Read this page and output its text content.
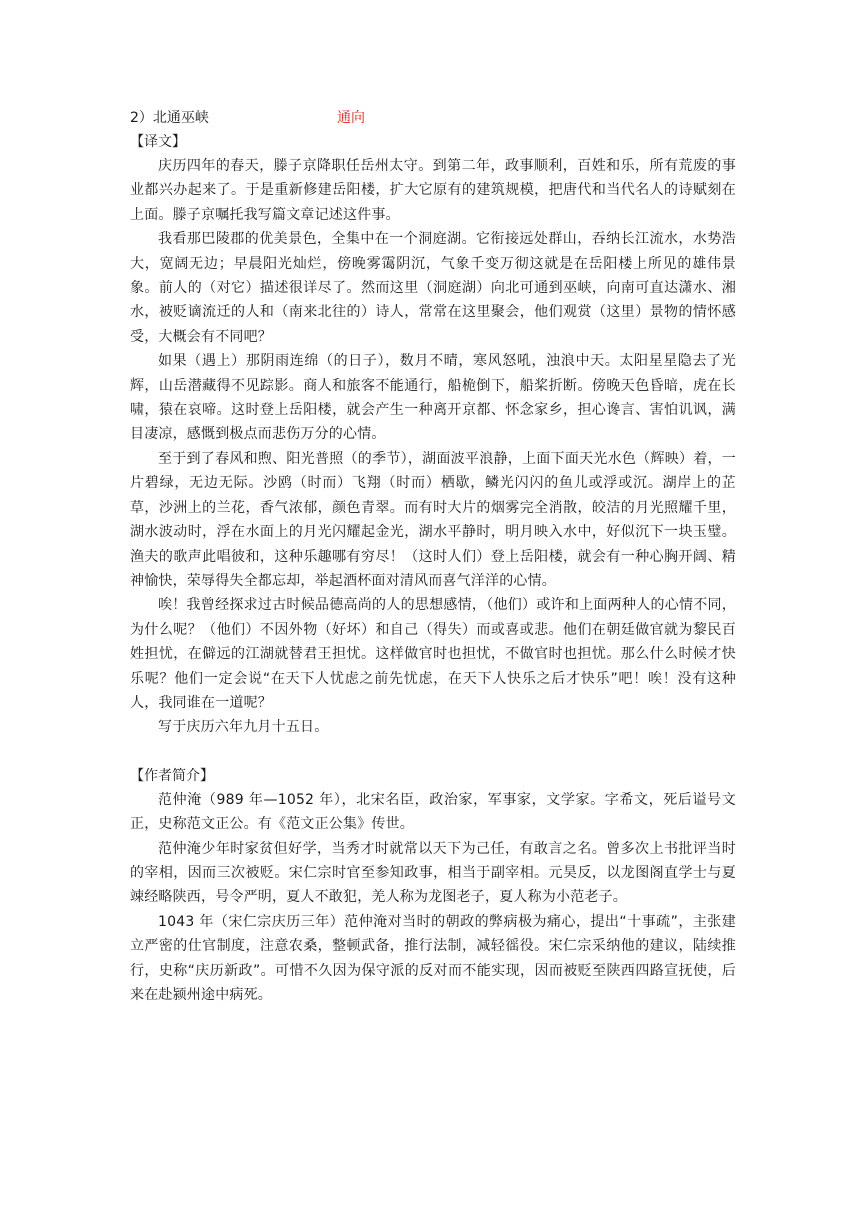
2）北通巫峡	通向
【译文】

庆历四年的春天，滕子京降职任岳州太守。到第二年，政事顺利，百姓和乐，所有荒废的事业都兴办起来了。于是重新修建岳阳楼，扩大它原有的建筑规模，把唐代和当代名人的诗赋刻在上面。滕子京嘱托我写篇文章记述这件事。

我看那巴陵郡的优美景色，全集中在一个洞庭湖。它衔接远处群山，吞纳长江流水，水势浩大，宽阔无边；早晨阳光灿烂，傍晚雾霭阴沉，气象千变万彻这就是在岳阳楼上所见的雄伟景象。前人的（对它）描述很详尽了。然而这里（洞庭湖）向北可通到巫峡，向南可直达潇水、湘水，被贬谪流迁的人和（南来北往的）诗人，常常在这里聚会，他们观赏（这里）景物的情怀感受，大概会有不同吧？

如果（遇上）那阴雨连绵（的日子），数月不晴，寒风怒吼，浊浪中天。太阳星星隐去了光辉，山岳潜藏得不见踪影。商人和旅客不能通行，船桅倒下，船桨折断。傍晚天色昏暗，虎在长啸，猿在哀啼。这时登上岳阳楼，就会产生一种离开京都、怀念家乡，担心谗言、害怕讥讽，满目凄凉，感慨到极点而悲伤万分的心情。

至于到了春风和煦、阳光普照（的季节），湖面波平浪静，上面下面天光水色（辉映）着，一片碧绿，无边无际。沙鸥（时而）飞翔（时而）栖歇，鳞光闪闪的鱼儿或浮或沉。湖岸上的芷草，沙洲上的兰花，香气浓郁，颜色青翠。而有时大片的烟雾完全消散，皎洁的月光照耀千里，湖水波动时，浮在水面上的月光闪耀起金光，湖水平静时，明月映入水中，好似沉下一块玉璧。渔夫的歌声此唱彼和，这种乐趣哪有穷尽！（这时人们）登上岳阳楼，就会有一种心胸开阔、精神愉快，荣辱得失全都忘却，举起酒杯面对清风而喜气洋洋的心情。

唉！我曾经探求过古时候品德高尚的人的思想感情，（他们）或许和上面两种人的心情不同，为什么呢？（他们）不因外物（好坏）和自己（得失）而或喜或悲。他们在朝廷做官就为黎民百姓担忧，在僻远的江湖就替君王担忧。这样做官时也担忧，不做官时也担忧。那么什么时候才快乐呢？他们一定会说“在天下人忧虑之前先忧虑，在天下人快乐之后才快乐”吧！唉！没有这种人，我同谁在一道呢？

写于庆历六年九月十五日。

【作者简介】

范仲淹（989 年—1052 年），北宋名臣，政治家，军事家，文学家。字希文，死后谥号文正，史称范文正公。有《范文正公集》传世。

范仲淹少年时家贫但好学，当秀才时就常以天下为己任，有敢言之名。曾多次上书批评当时的宰相，因而三次被贬。宋仁宗时官至参知政事，相当于副宰相。元昊反，以龙图阁直学士与夏竦经略陕西，号令严明，夏人不敢犯，羌人称为龙图老子，夏人称为小范老子。

1043 年（宋仁宗庆历三年）范仲淹对当时的朝政的弊病极为痛心，提出“十事疏”，主张建立严密的仕官制度，注意农桑，整顿武备，推行法制，减轻徭役。宋仁宗采纳他的建议，陆续推行，史称“庆历新政”。可惜不久因为保守派的反对而不能实现，因而被贬至陕西四路宣抚使，后来在赴颍州途中病死。
